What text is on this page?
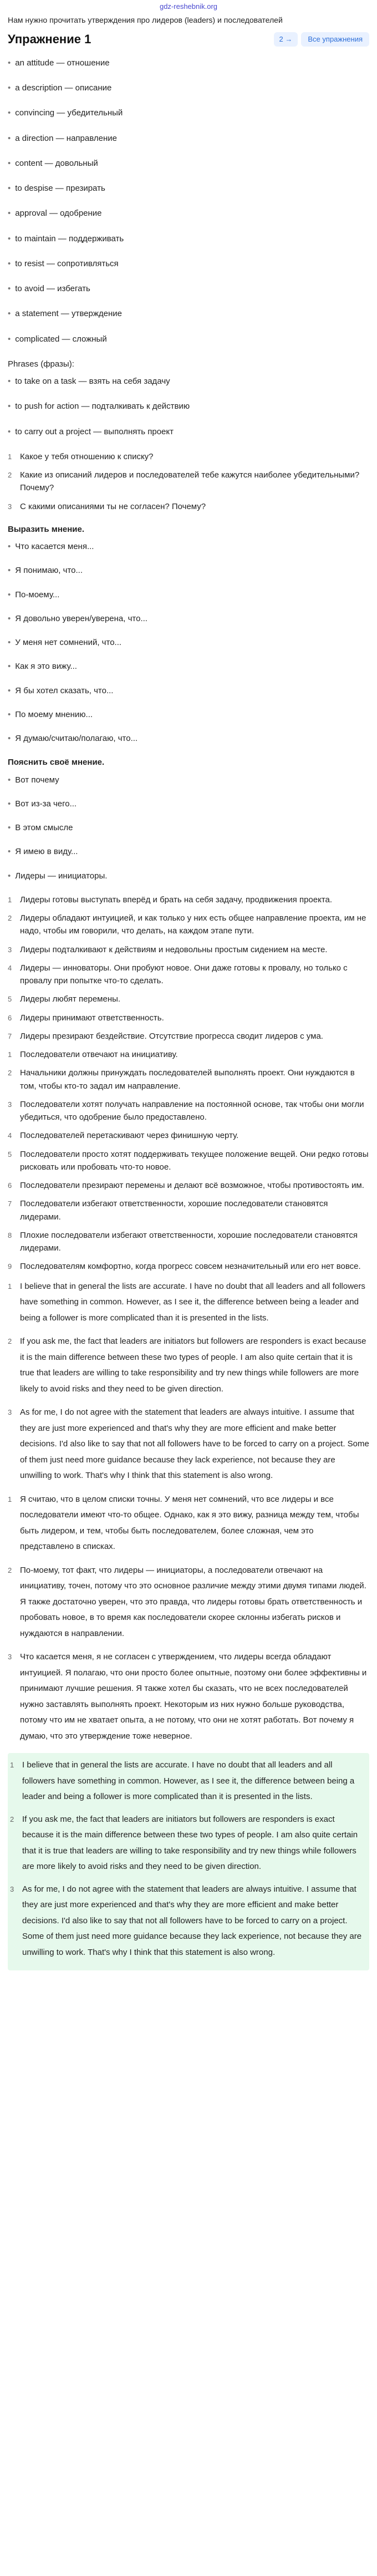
gdz-reshebnik.org

Нам нужно прочитать утверждения про лидеров (leaders) и последователей

Упражнение 1	2 →	Все упражнения
• an attitude — отношение
• a description — описание
• convincing — убедительный
• a direction — направление
• content — довольный
• to despise — презирать
• approval — одобрение
• to maintain — поддерживать
• to resist — сопротивляться
• to avoid — избегать
• a statement — утверждение
• complicated — сложный
Phrases (фразы):
• to take on a task — взять на себя задачу
• to push for action — подталкивать к действию
• to carry out a project — выполнять проект
1 Какое у тебя отношению к списку?
2 Какие из описаний лидеров и последователей тебе кажутся наиболее убедительными? Почему?
3 С какими описаниями ты не согласен? Почему?
Выразить мнение.
• Что касается меня...
• Я понимаю, что...
• По-моему...
• Я довольно уверен/уверена, что...
• У меня нет сомнений, что...
• Как я это вижу...
• Я бы хотел сказать, что...
• По моему мнению...
• Я думаю/считаю/полагаю, что...
Пояснить своё мнение.
• Вот почему
• Вот из-за чего...
• В этом смысле
• Я имею в виду...
• Лидеры — инициаторы.
1 Лидеры готовы выступать вперёд и брать на себя задачу, продвижения проекта.
2 Лидеры обладают интуицией, и как только у них есть общее направление проекта, им не надо, чтобы им говорили, что делать, на каждом этапе пути.
3 Лидеры подталкивают к действиям и недовольны простым сидением на месте.
4 Лидеры — инноваторы. Они пробуют новое. Они даже готовы к провалу, но только с провалу при попытке что-то сделать.
5 Лидеры любят перемены.
6 Лидеры принимают ответственность.
7 Лидеры презирают бездействие. Отсутствие прогресса сводит лидеров с ума.
1 Последователи отвечают на инициативу.
2 Начальники должны принуждать последователей выполнять проект. Они нуждаются в том, чтобы кто-то задал им направление.
3 Последователи хотят получать направление на постоянной основе, так чтобы они могли убедиться, что одобрение было предоставлено.
4 Последователей перетаскивают через финишную черту.
5 Последователи просто хотят поддерживать текущее положение вещей. Они редко готовы рисковать или пробовать что-то новое.
6 Последователи презирают перемены и делают всё возможное, чтобы противостоять им.
7 Последователи избегают ответственности, хорошие последователи становятся лидерами.
8 Плохие последователи избегают ответственности, хорошие последователи становятся лидерами.
9 Последователям комфортно, когда прогресс совсем незначительный или его нет вовсе.
1 I believe that in general the lists are accurate. I have no doubt that all leaders and all followers have something in common. However, as I see it, the difference between being a leader and being a follower is more complicated than it is presented in the lists.
2 If you ask me, the fact that leaders are initiators but followers are responders is exact because it is the main difference between these two types of people. I am also quite certain that it is true that leaders are willing to take responsibility and try new things while followers are more likely to avoid risks and they need to be given direction.
3 As for me, I do not agree with the statement that leaders are always intuitive. I assume that they are just more experienced and that's why they are more efficient and make better decisions. I'd also like to say that not all followers have to be forced to carry on a project. Some of them just need more guidance because they lack experience, not because they are unwilling to work. That's why I think that this statement is also wrong.
1 Я считаю, что в целом списки точны. У меня нет сомнений, что все лидеры и все последователи имеют что-то общее. Однако, как я это вижу, разница между тем, чтобы быть лидером, и тем, чтобы быть последователем, более сложная, чем это представлено в списках.
2 По-моему, тот факт, что лидеры — инициаторы, а последователи отвечают на инициативу, точен, потому что это основное различие между этими двумя типами людей. Я также достаточно уверен, что это правда, что лидеры готовы брать ответственность и пробовать новое, в то время как последователи скорее склонны избегать рисков и нуждаются в направлении.
3 Что касается меня, я не согласен с утверждением, что лидеры всегда обладают интуицией. Я полагаю, что они просто более опытные, поэтому они более эффективны и принимают лучшие решения. Я также хотел бы сказать, что не всех последователей нужно заставлять выполнять проект. Некоторым из них нужно больше руководства, потому что им не хватает опыта, а не потому, что они не хотят работать. Вот почему я думаю, что это утверждение тоже неверное.
1 I believe that in general the lists are accurate. I have no doubt that all leaders and all followers have something in common. However, as I see it, the difference between being a leader and being a follower is more complicated than it is presented in the lists.
2 If you ask me, the fact that leaders are initiators but followers are responders is exact because it is the main difference between these two types of people. I am also quite certain that it is true that leaders are willing to take responsibility and try new things while followers are more likely to avoid risks and they need to be given direction.
3 As for me, I do not agree with the statement that leaders are always intuitive. I assume that they are just more experienced and that's why they are more efficient and make better decisions. I'd also like to say that not all followers have to be forced to carry on a project. Some of them just need more guidance because they lack experience, not because they are unwilling to work. That's why I think that this statement is also wrong.
